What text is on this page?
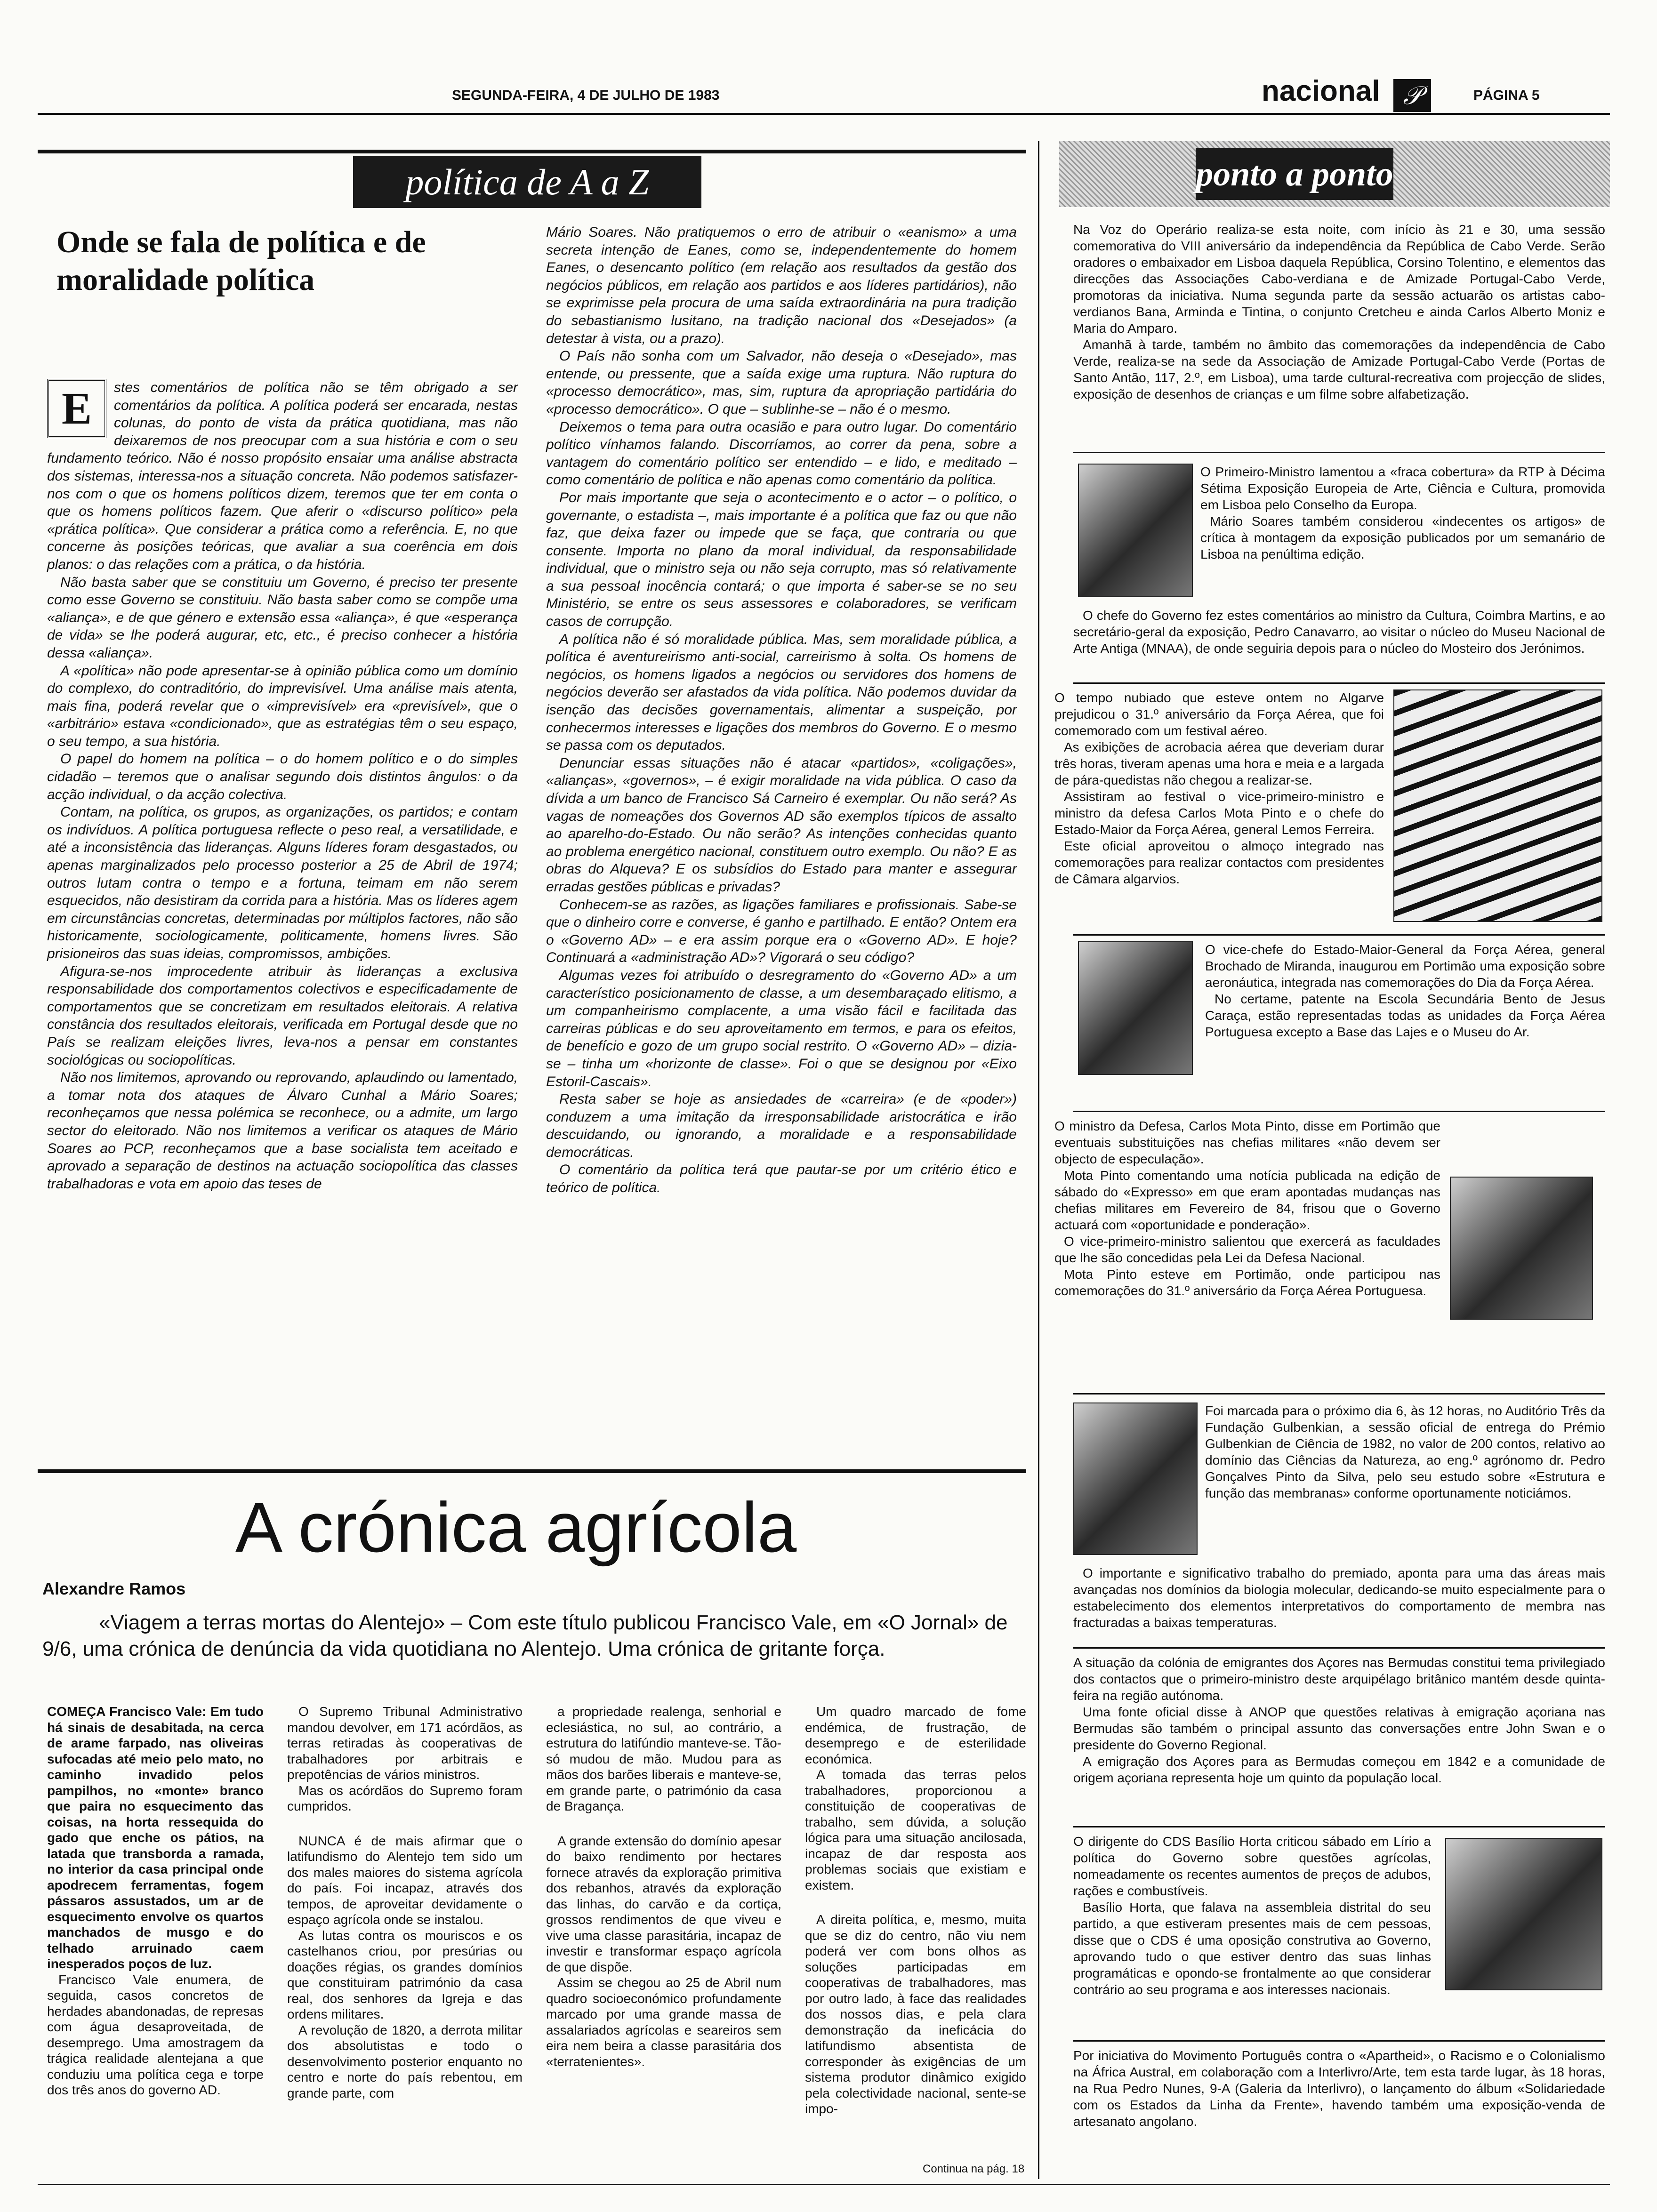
SEGUNDA-FEIRA, 4 DE JULHO DE 1983	nacional 𝒫	PÁGINA 5
política de A a Z
Onde se fala de política e de moralidade política
E	stes comentários de política não se têm obrigado a ser comentários da política. A política poderá ser encarada, nestas colunas, do ponto de vista da prática quotidiana, mas não deixaremos de nos preocupar com a sua história e com o seu fundamento teórico. Não é nosso propósito ensaiar uma análise abstracta dos sistemas, interessa-nos a situação concreta. Não podemos satisfazer-nos com o que os homens políticos dizem, teremos que ter em conta o que os homens políticos fazem. Que aferir o «discurso político» pela «prática política». Que considerar a prática como a referência. E, no que concerne às posições teóricas, que avaliar a sua coerência em dois planos: o das relações com a prática, o da história.

Não basta saber que se constituiu um Governo, é preciso ter presente como esse Governo se constituiu. Não basta saber como se compõe uma «aliança», e de que género e extensão essa «aliança», é que «esperança de vida» se lhe poderá augurar, etc, etc., é preciso conhecer a história dessa «aliança».

A «política» não pode apresentar-se à opinião pública como um domínio do complexo, do contraditório, do imprevisível. Uma análise mais atenta, mais fina, poderá revelar que o «imprevisível» era «previsível», que o «arbitrário» estava «condicionado», que as estratégias têm o seu espaço, o seu tempo, a sua história.

O papel do homem na política – o do homem político e o do simples cidadão – teremos que o analisar segundo dois distintos ângulos: o da acção individual, o da acção colectiva.

Contam, na política, os grupos, as organizações, os partidos; e contam os indivíduos. A política portuguesa reflecte o peso real, a versatilidade, e até a inconsistência das lideranças. Alguns líderes foram desgastados, ou apenas marginalizados pelo processo posterior a 25 de Abril de 1974; outros lutam contra o tempo e a fortuna, teimam em não serem esquecidos, não desistiram da corrida para a história. Mas os líderes agem em circunstâncias concretas, determinadas por múltiplos factores, não são historicamente, sociologicamente, politicamente, homens livres. São prisioneiros das suas ideias, compromissos, ambições.

Afigura-se-nos improcedente atribuir às lideranças a exclusiva responsabilidade dos comportamentos colectivos e especificadamente de comportamentos que se concretizam em resultados eleitorais. A relativa constância dos resultados eleitorais, verificada em Portugal desde que no País se realizam eleições livres, leva-nos a pensar em constantes sociológicas ou sociopolíticas.

Não nos limitemos, aprovando ou reprovando, aplaudindo ou lamentado, a tomar nota dos ataques de Álvaro Cunhal a Mário Soares; reconheçamos que nessa polémica se reconhece, ou a admite, um largo sector do eleitorado. Não nos limitemos a verificar os ataques de Mário Soares ao PCP, reconheçamos que a base socialista tem aceitado e aprovado a separação de destinos na actuação sociopolítica das classes trabalhadoras e vota em apoio das teses de

Mário Soares. Não pratiquemos o erro de atribuir o «eanismo» a uma secreta intenção de Eanes, como se, independentemente do homem Eanes, o desencanto político (em relação aos resultados da gestão dos negócios públicos, em relação aos partidos e aos líderes partidários), não se exprimisse pela procura de uma saída extraordinária na pura tradição do sebastianismo lusitano, na tradição nacional dos «Desejados» (a detestar à vista, ou a prazo).

O País não sonha com um Salvador, não deseja o «Desejado», mas entende, ou pressente, que a saída exige uma ruptura. Não ruptura do «processo democrático», mas, sim, ruptura da apropriação partidária do «processo democrático». O que – sublinhe-se – não é o mesmo.

Deixemos o tema para outra ocasião e para outro lugar. Do comentário político vínhamos falando. Discorríamos, ao correr da pena, sobre a vantagem do comentário político ser entendido – e lido, e meditado – como comentário de política e não apenas como comentário da política.

Por mais importante que seja o acontecimento e o actor – o político, o governante, o estadista –, mais importante é a política que faz ou que não faz, que deixa fazer ou impede que se faça, que contraria ou que consente. Importa no plano da moral individual, da responsabilidade individual, que o ministro seja ou não seja corrupto, mas só relativamente a sua pessoal inocência contará; o que importa é saber-se se no seu Ministério, se entre os seus assessores e colaboradores, se verificam casos de corrupção.

A política não é só moralidade pública. Mas, sem moralidade pública, a política é aventureirismo anti-social, carreirismo à solta. Os homens de negócios, os homens ligados a negócios ou servidores dos homens de negócios deverão ser afastados da vida política. Não podemos duvidar da isenção das decisões governamentais, alimentar a suspeição, por conhecermos interesses e ligações dos membros do Governo. E o mesmo se passa com os deputados.

Denunciar essas situações não é atacar «partidos», «coligações», «alianças», «governos», – é exigir moralidade na vida pública. O caso da dívida a um banco de Francisco Sá Carneiro é exemplar. Ou não será? As vagas de nomeações dos Governos AD são exemplos típicos de assalto ao aparelho-do-Estado. Ou não serão? As intenções conhecidas quanto ao problema energético nacional, constituem outro exemplo. Ou não? E as obras do Alqueva? E os subsídios do Estado para manter e assegurar erradas gestões públicas e privadas?

Conhecem-se as razões, as ligações familiares e profissionais. Sabe-se que o dinheiro corre e converse, é ganho e partilhado. E então? Ontem era o «Governo AD» – e era assim porque era o «Governo AD». E hoje? Continuará a «administração AD»? Vigorará o seu código?

Algumas vezes foi atribuído o desregramento do «Governo AD» a um característico posicionamento de classe, a um desembaraçado elitismo, a um companheirismo complacente, a uma visão fácil e facilitada das carreiras públicas e do seu aproveitamento em termos, e para os efeitos, de benefício e gozo de um grupo social restrito. O «Governo AD» – dizia-se – tinha um «horizonte de classe». Foi o que se designou por «Eixo Estoril-Cascais».

Resta saber se hoje as ansiedades de «carreira» (e de «poder») conduzem a uma imitação da irresponsabilidade aristocrática e irão descuidando, ou ignorando, a moralidade e a responsabilidade democráticas.

O comentário da política terá que pautar-se por um critério ético e teórico de política.

ponto a ponto

Na Voz do Operário realiza-se esta noite, com início às 21 e 30, uma sessão comemorativa do VIII aniversário da independência da República de Cabo Verde. Serão oradores o embaixador em Lisboa daquela República, Corsino Tolentino, e elementos das direcções das Associações Cabo-verdiana e de Amizade Portugal-Cabo Verde, promotoras da iniciativa. Numa segunda parte da sessão actuarão os artistas cabo-verdianos Bana, Arminda e Tintina, o conjunto Cretcheu e ainda Carlos Alberto Moniz e Maria do Amparo.

Amanhã à tarde, também no âmbito das comemorações da independência de Cabo Verde, realiza-se na sede da Associação de Amizade Portugal-Cabo Verde (Portas de Santo Antão, 117, 2.º, em Lisboa), uma tarde cultural-recreativa com projecção de slides, exposição de desenhos de crianças e um filme sobre alfabetização.

O Primeiro-Ministro lamentou a «fraca cobertura» da RTP à Décima Sétima Exposição Europeia de Arte, Ciência e Cultura, promovida em Lisboa pelo Conselho da Europa.

Mário Soares também considerou «indecentes os artigos» de crítica à montagem da exposição publicados por um semanário de Lisboa na penúltima edição.

O chefe do Governo fez estes comentários ao ministro da Cultura, Coimbra Martins, e ao secretário-geral da exposição, Pedro Canavarro, ao visitar o núcleo do Museu Nacional de Arte Antiga (MNAA), de onde seguiria depois para o núcleo do Mosteiro dos Jerónimos.

O tempo nubiado que esteve ontem no Algarve prejudicou o 31.º aniversário da Força Aérea, que foi comemorado com um festival aéreo.

As exibições de acrobacia aérea que deveriam durar três horas, tiveram apenas uma hora e meia e a largada de pára-quedistas não chegou a realizar-se.

Assistiram ao festival o vice-primeiro-ministro e ministro da defesa Carlos Mota Pinto e o chefe do Estado-Maior da Força Aérea, general Lemos Ferreira.

Este oficial aproveitou o almoço integrado nas comemorações para realizar contactos com presidentes de Câmara algarvios.

O vice-chefe do Estado-Maior-General da Força Aérea, general Brochado de Miranda, inaugurou em Portimão uma exposição sobre aeronáutica, integrada nas comemorações do Dia da Força Aérea.

No certame, patente na Escola Secundária Bento de Jesus Caraça, estão representadas todas as unidades da Força Aérea Portuguesa excepto a Base das Lajes e o Museu do Ar.

O ministro da Defesa, Carlos Mota Pinto, disse em Portimão que eventuais substituições nas chefias militares «não devem ser objecto de especulação».

Mota Pinto comentando uma notícia publicada na edição de sábado do «Expresso» em que eram apontadas mudanças nas chefias militares em Fevereiro de 84, frisou que o Governo actuará com «oportunidade e ponderação».

O vice-primeiro-ministro salientou que exercerá as faculdades que lhe são concedidas pela Lei da Defesa Nacional.

Mota Pinto esteve em Portimão, onde participou nas comemorações do 31.º aniversário da Força Aérea Portuguesa.

Foi marcada para o próximo dia 6, às 12 horas, no Auditório Três da Fundação Gulbenkian, a sessão oficial de entrega do Prémio Gulbenkian de Ciência de 1982, no valor de 200 contos, relativo ao domínio das Ciências da Natureza, ao eng.º agrónomo dr. Pedro Gonçalves Pinto da Silva, pelo seu estudo sobre «Estrutura e função das membranas» conforme oportunamente noticiámos.

O importante e significativo trabalho do premiado, aponta para uma das áreas mais avançadas nos domínios da biologia molecular, dedicando-se muito especialmente para o estabelecimento dos elementos interpretativos do comportamento de membra nas fracturadas a baixas temperaturas.

A situação da colónia de emigrantes dos Açores nas Bermudas constitui tema privilegiado dos contactos que o primeiro-ministro deste arquipélago britânico mantém desde quinta-feira na região autónoma.

Uma fonte oficial disse à ANOP que questões relativas à emigração açoriana nas Bermudas são também o principal assunto das conversações entre John Swan e o presidente do Governo Regional.

A emigração dos Açores para as Bermudas começou em 1842 e a comunidade de origem açoriana representa hoje um quinto da população local.

O dirigente do CDS Basílio Horta criticou sábado em Lírio a política do Governo sobre questões agrícolas, nomeadamente os recentes aumentos de preços de adubos, rações e combustíveis.

Basílio Horta, que falava na assembleia distrital do seu partido, a que estiveram presentes mais de cem pessoas, disse que o CDS é uma oposição construtiva ao Governo, aprovando tudo o que estiver dentro das suas linhas programáticas e opondo-se frontalmente ao que considerar contrário ao seu programa e aos interesses nacionais.

Por iniciativa do Movimento Português contra o «Apartheid», o Racismo e o Colonialismo na África Austral, em colaboração com a Interlivro/Arte, tem esta tarde lugar, às 18 horas, na Rua Pedro Nunes, 9-A (Galeria da Interlivro), o lançamento do álbum «Solidariedade com os Estados da Linha da Frente», havendo também uma exposição-venda de artesanato angolano.

A crónica agrícola
Alexandre Ramos
«Viagem a terras mortas do Alentejo» – Com este título publicou Francisco Vale, em «O Jornal» de 9/6, uma crónica de denúncia da vida quotidiana no Alentejo. Uma crónica de gritante força.

COMEÇA Francisco Vale: Em tudo há sinais de desabitada, na cerca de arame farpado, nas oliveiras sufocadas até meio pelo mato, no caminho invadido pelos pampilhos, no «monte» branco que paira no esquecimento das coisas, na horta ressequida do gado que enche os pátios, na latada que transborda a ramada, no interior da casa principal onde apodrecem ferramentas, fogem pássaros assustados, um ar de esquecimento envolve os quartos manchados de musgo e do telhado arruinado caem inesperados poços de luz.

Francisco Vale enumera, de seguida, casos concretos de herdades abandonadas, de represas com água desaproveitada, de desemprego. Uma amostragem da trágica realidade alentejana a que conduziu uma política cega e torpe dos três anos do governo AD.

O Supremo Tribunal Administrativo mandou devolver, em 171 acórdãos, as terras retiradas às cooperativas de trabalhadores por arbitrais e prepotências de vários ministros.

Mas os acórdãos do Supremo foram cumpridos.

NUNCA é de mais afirmar que o latifundismo do Alentejo tem sido um dos males maiores do sistema agrícola do país. Foi incapaz, através dos tempos, de aproveitar devidamente o espaço agrícola onde se instalou.

As lutas contra os mouriscos e os castelhanos criou, por presúrias ou doações régias, os grandes domínios que constituiram património da casa real, dos senhores da Igreja e das ordens militares.

A revolução de 1820, a derrota militar dos absolutistas e todo o desenvolvimento posterior enquanto no centro e norte do país rebentou, em grande parte, com

a propriedade realenga, senhorial e eclesiástica, no sul, ao contrário, a estrutura do latifúndio manteve-se. Tão-só mudou de mão. Mudou para as mãos dos barões liberais e manteve-se, em grande parte, o património da casa de Bragança.

A grande extensão do domínio apesar do baixo rendimento por hectares fornece através da exploração primitiva dos rebanhos, através da exploração das linhas, do carvão e da cortiça, grossos rendimentos de que viveu e vive uma classe parasitária, incapaz de investir e transformar espaço agrícola de que dispõe.

Assim se chegou ao 25 de Abril num quadro socioeconómico profundamente marcado por uma grande massa de assalariados agrícolas e seareiros sem eira nem beira a classe parasitária dos «terratenientes».

Um quadro marcado de fome endémica, de frustração, de desemprego e de esterilidade económica.

A tomada das terras pelos trabalhadores, proporcionou a constituição de cooperativas de trabalho, sem dúvida, a solução lógica para uma situação ancilosada, incapaz de dar resposta aos problemas sociais que existiam e existem.

A direita política, e, mesmo, muita que se diz do centro, não viu nem poderá ver com bons olhos as soluções participadas em cooperativas de trabalhadores, mas por outro lado, à face das realidades dos nossos dias, e pela clara demonstração da ineficácia do latifundismo absentista de corresponder às exigências de um sistema produtor dinâmico exigido pela colectividade nacional, sente-se impo-

Continua na pág. 18
